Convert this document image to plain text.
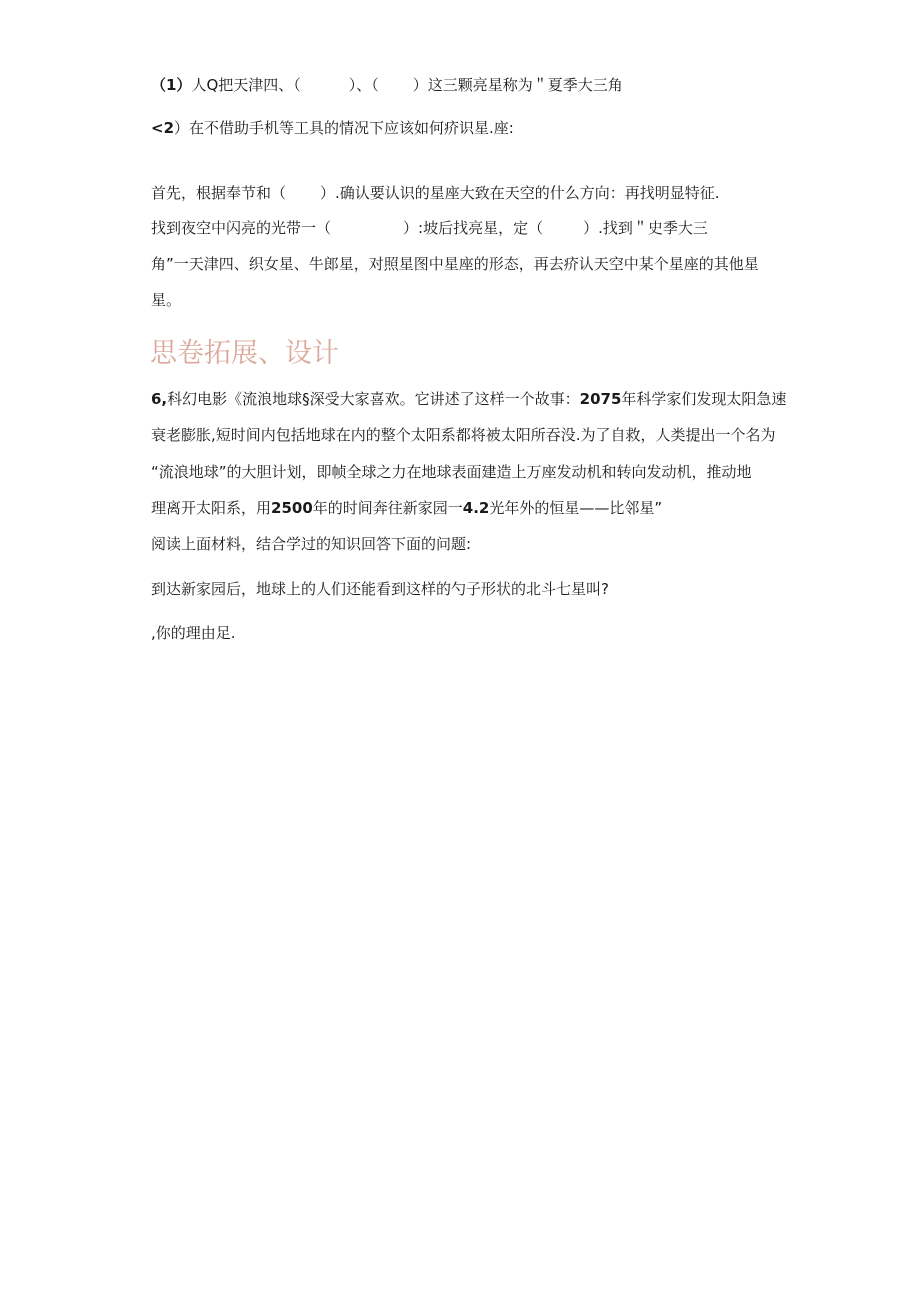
（1）人Q把天津四、（	）、（ ）这三颗亮星称为＂夏季大三角
<2）在不借助手机等工具的情况下应该如何疥识星.座:
首先，根据奉节和（ ）.确认要认识的星座大致在天空的什么方向：再找明显特征.
找到夜空中闪亮的光带一（	）:坡后找亮星，定（	）.找到＂史季大三
角”一天津四、织女星、牛郎星，对照星图中星座的形态，再去疥认天空中某个星座的其他星
星。
思卷拓展、设计
6,科幻电影《流浪地球§深受大家喜欢。它讲述了这样一个故事：2075年科学家们发现太阳急速
衰老膨胀,短时间内包括地球在内的整个太阳系都将被太阳所吞没.为了自救，人类提出一个名为
“流浪地球”的大胆计划，即帧全球之力在地球表面建造上万座发动机和转向发动机，推动地
理离开太阳系，用2500年的时间奔往新家园一4.2光年外的恒星——比邻星”
阅读上面材料，结合学过的知识回答下面的问题:
到达新家园后，地球上的人们还能看到这样的勺子形状的北斗七星叫?
,你的理由足.
